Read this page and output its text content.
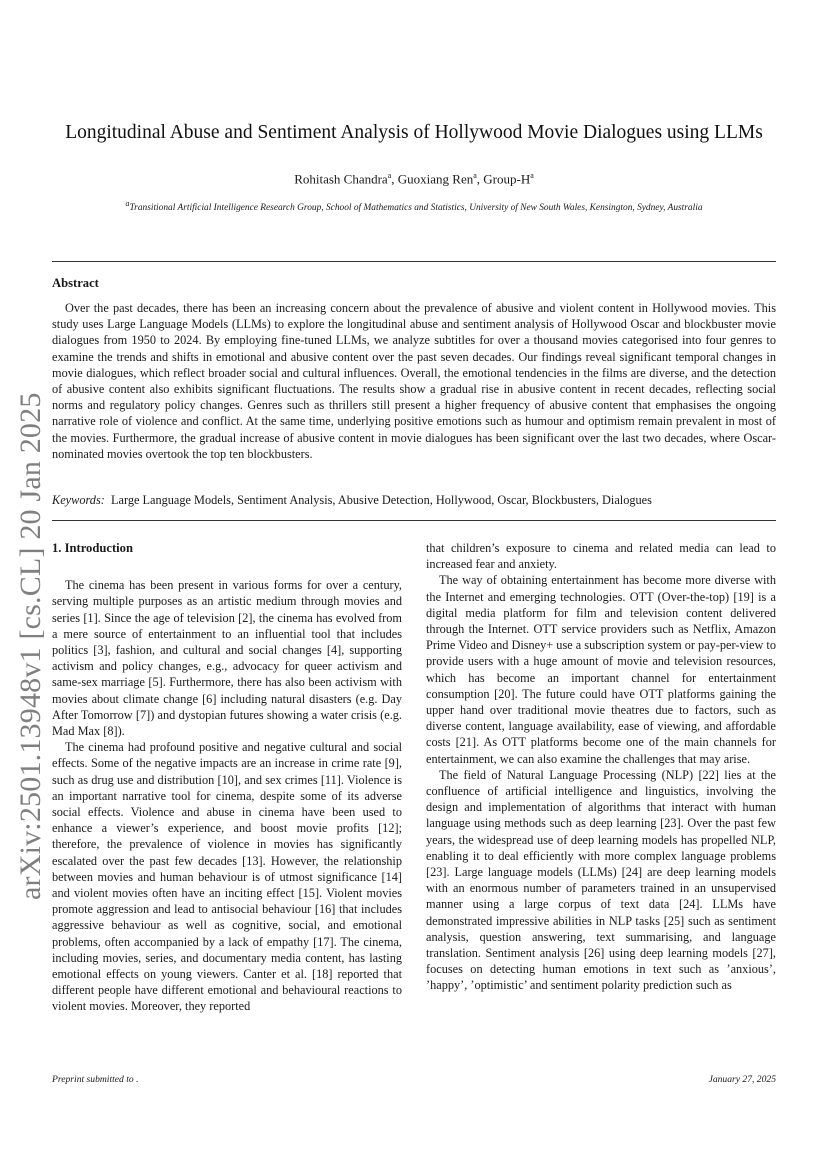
arXiv:2501.13948v1 [cs.CL] 20 Jan 2025
Longitudinal Abuse and Sentiment Analysis of Hollywood Movie Dialogues using LLMs
Rohitash Chandra$^a$, Guoxiang Ren$^a$, Group-$H^a$
$^a$Transitional Artificial Intelligence Research Group, School of Mathematics and Statistics, University of New South Wales, Kensington, Sydney, Australia
Abstract
Over the past decades, there has been an increasing concern about the prevalence of abusive and violent content in Hollywood movies. This study uses Large Language Models (LLMs) to explore the longitudinal abuse and sentiment analysis of Hollywood Oscar and blockbuster movie dialogues from 1950 to 2024. By employing fine-tuned LLMs, we analyze subtitles for over a thousand movies categorised into four genres to examine the trends and shifts in emotional and abusive content over the past seven decades. Our findings reveal significant temporal changes in movie dialogues, which reflect broader social and cultural influences. Overall, the emotional tendencies in the films are diverse, and the detection of abusive content also exhibits significant fluctuations. The results show a gradual rise in abusive content in recent decades, reflecting social norms and regulatory policy changes. Genres such as thrillers still present a higher frequency of abusive content that emphasises the ongoing narrative role of violence and conflict. At the same time, underlying positive emotions such as humour and optimism remain prevalent in most of the movies. Furthermore, the gradual increase of abusive content in movie dialogues has been significant over the last two decades, where Oscar-nominated movies overtook the top ten blockbusters.
Keywords: Large Language Models, Sentiment Analysis, Abusive Detection, Hollywood, Oscar, Blockbusters, Dialogues
1. Introduction

The cinema has been present in various forms for over a century, serving multiple purposes as an artistic medium through movies and series [1]. Since the age of television [2], the cinema has evolved from a mere source of entertainment to an influential tool that includes politics [3], fashion, and cultural and social changes [4], supporting activism and policy changes, e.g., advocacy for queer activism and same-sex marriage [5]. Furthermore, there has also been activism with movies about climate change [6] including natural disasters (e.g. Day After Tomorrow [7]) and dystopian futures showing a water crisis (e.g. Mad Max [8]).

The cinema had profound positive and negative cultural and social effects. Some of the negative impacts are an increase in crime rate [9], such as drug use and distribution [10], and sex crimes [11]. Violence is an important narrative tool for cinema, despite some of its adverse social effects. Violence and abuse in cinema have been used to enhance a viewer’s experience, and boost movie profits [12]; therefore, the prevalence of violence in movies has significantly escalated over the past few decades [13]. However, the relationship between movies and human behaviour is of utmost significance [14] and violent movies often have an inciting effect [15]. Violent movies promote aggression and lead to antisocial behaviour [16] that includes aggressive behaviour as well as cognitive, social, and emotional problems, often accompanied by a lack of empathy [17]. The cinema, including movies, series, and documentary media content, has lasting emotional effects on young viewers. Canter et al. [18] reported that different people have different emotional and behavioural reactions to violent movies. Moreover, they reported

that children’s exposure to cinema and related media can lead to increased fear and anxiety.

The way of obtaining entertainment has become more diverse with the Internet and emerging technologies. OTT (Over-the-top) [19] is a digital media platform for film and television content delivered through the Internet. OTT service providers such as Netflix, Amazon Prime Video and Disney+ use a subscription system or pay-per-view to provide users with a huge amount of movie and television resources, which has become an important channel for entertainment consumption [20]. The future could have OTT platforms gaining the upper hand over traditional movie theatres due to factors, such as diverse content, language availability, ease of viewing, and affordable costs [21]. As OTT platforms become one of the main channels for entertainment, we can also examine the challenges that may arise.

The field of Natural Language Processing (NLP) [22] lies at the confluence of artificial intelligence and linguistics, involving the design and implementation of algorithms that interact with human language using methods such as deep learning [23]. Over the past few years, the widespread use of deep learning models has propelled NLP, enabling it to deal efficiently with more complex language problems [23]. Large language models (LLMs) [24] are deep learning models with an enormous number of parameters trained in an unsupervised manner using a large corpus of text data [24]. LLMs have demonstrated impressive abilities in NLP tasks [25] such as sentiment analysis, question answering, text summarising, and language translation. Sentiment analysis [26] using deep learning models [27], focuses on detecting human emotions in text such as ’anxious’, ’happy’, ’optimistic’ and sentiment polarity prediction such as

Preprint submitted to .	January 27, 2025
